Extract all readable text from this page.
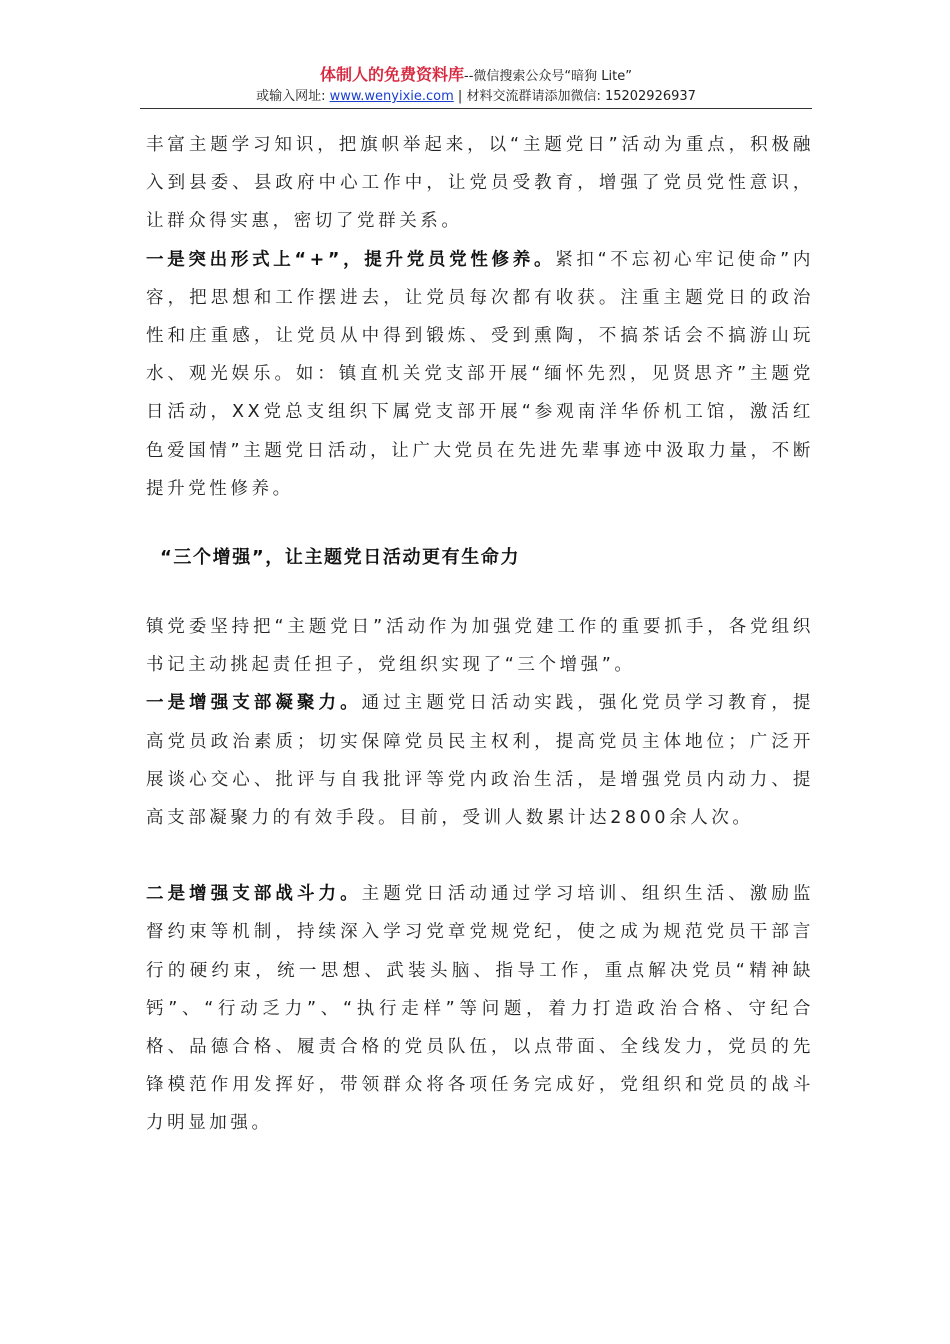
体制人的免费资料库--微信搜索公众号“暗狗 Lite”
或输入网址: www.wenyixie.com | 材料交流群请添加微信: 15202926937

丰富主题学习知识，把旗帜举起来，以“主题党日”活动为重点，积极融入到县委、县政府中心工作中，让党员受教育，增强了党员党性意识，让群众得实惠，密切了党群关系。

一是突出形式上“+”，提升党员党性修养。紧扣“不忘初心牢记使命”内容，把思想和工作摆进去，让党员每次都有收获。注重主题党日的政治性和庄重感，让党员从中得到锻炼、受到熏陶，不搞茶话会不搞游山玩水、观光娱乐。如：镇直机关党支部开展“缅怀先烈，见贤思齐”主题党日活动，XX党总支组织下属党支部开展“参观南洋华侨机工馆，激活红色爱国情”主题党日活动，让广大党员在先进先辈事迹中汲取力量，不断提升党性修养。

“三个增强”，让主题党日活动更有生命力

镇党委坚持把“主题党日”活动作为加强党建工作的重要抓手，各党组织书记主动挑起责任担子，党组织实现了“三个增强”。

一是增强支部凝聚力。通过主题党日活动实践，强化党员学习教育，提高党员政治素质；切实保障党员民主权利，提高党员主体地位；广泛开展谈心交心、批评与自我批评等党内政治生活，是增强党员内动力、提高支部凝聚力的有效手段。目前，受训人数累计达2800余人次。

二是增强支部战斗力。主题党日活动通过学习培训、组织生活、激励监督约束等机制，持续深入学习党章党规党纪，使之成为规范党员干部言行的硬约束，统一思想、武装头脑、指导工作，重点解决党员“精神缺钙”、“行动乏力”、“执行走样”等问题，着力打造政治合格、守纪合格、品德合格、履责合格的党员队伍，以点带面、全线发力，党员的先锋模范作用发挥好，带领群众将各项任务完成好，党组织和党员的战斗力明显加强。
